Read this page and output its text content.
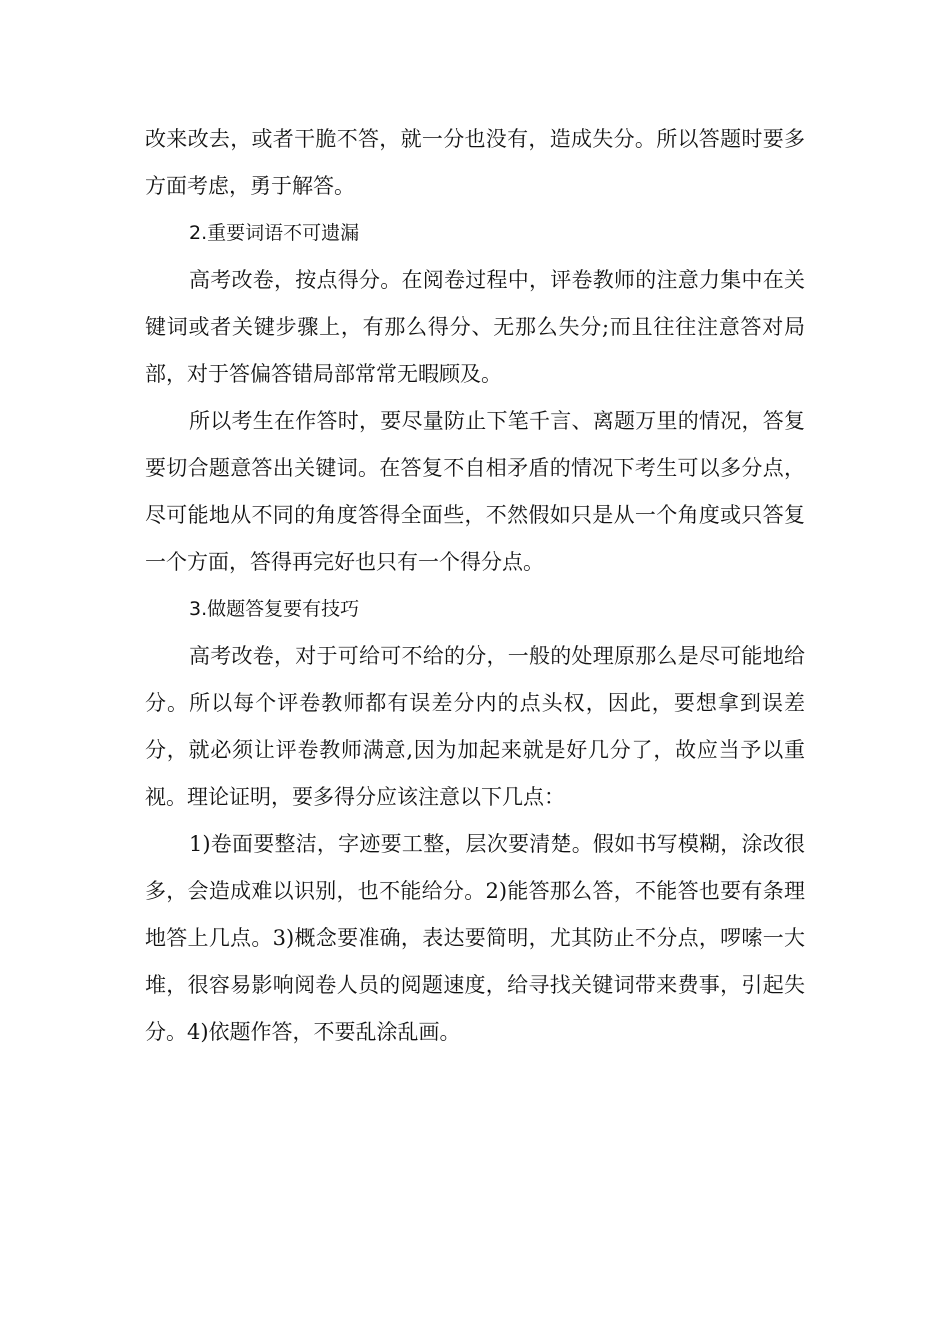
改来改去，或者干脆不答，就一分也没有，造成失分。所以答题时要多方面考虑，勇于解答。

2.重要词语不可遗漏

高考改卷，按点得分。在阅卷过程中，评卷教师的注意力集中在关键词或者关键步骤上，有那么得分、无那么失分;而且往往注意答对局部，对于答偏答错局部常常无暇顾及。

所以考生在作答时，要尽量防止下笔千言、离题万里的情况，答复要切合题意答出关键词。在答复不自相矛盾的情况下考生可以多分点，尽可能地从不同的角度答得全面些，不然假如只是从一个角度或只答复一个方面，答得再完好也只有一个得分点。

3.做题答复要有技巧

高考改卷，对于可给可不给的分，一般的处理原那么是尽可能地给分。所以每个评卷教师都有误差分内的点头权，因此，要想拿到误差分，就必须让评卷教师满意,因为加起来就是好几分了，故应当予以重视。理论证明，要多得分应该注意以下几点：

1)卷面要整洁，字迹要工整，层次要清楚。假如书写模糊，涂改很多，会造成难以识别，也不能给分。2)能答那么答，不能答也要有条理地答上几点。3)概念要准确，表达要简明，尤其防止不分点，啰嗦一大堆，很容易影响阅卷人员的阅题速度，给寻找关键词带来费事，引起失分。4)依题作答，不要乱涂乱画。
